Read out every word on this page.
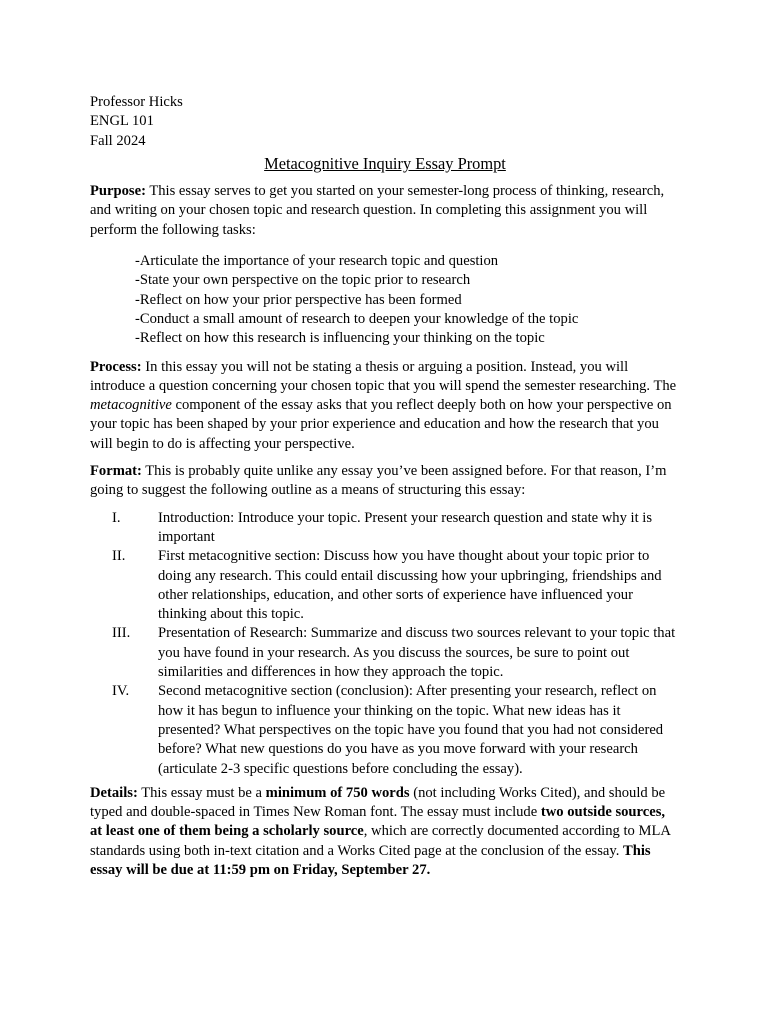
Professor Hicks
ENGL 101
Fall 2024
Metacognitive Inquiry Essay Prompt

Purpose: This essay serves to get you started on your semester-long process of thinking, research, and writing on your chosen topic and research question. In completing this assignment you will perform the following tasks:

-Articulate the importance of your research topic and question
-State your own perspective on the topic prior to research
-Reflect on how your prior perspective has been formed
-Conduct a small amount of research to deepen your knowledge of the topic
-Reflect on how this research is influencing your thinking on the topic

Process: In this essay you will not be stating a thesis or arguing a position. Instead, you will introduce a question concerning your chosen topic that you will spend the semester researching. The metacognitive component of the essay asks that you reflect deeply both on how your perspective on your topic has been shaped by your prior experience and education and how the research that you will begin to do is affecting your perspective.

Format: This is probably quite unlike any essay you’ve been assigned before. For that reason, I’m going to suggest the following outline as a means of structuring this essay:

I.	Introduction: Introduce your topic. Present your research question and state why it is important
II.	First metacognitive section: Discuss how you have thought about your topic prior to doing any research. This could entail discussing how your upbringing, friendships and other relationships, education, and other sorts of experience have influenced your thinking about this topic.
III.	Presentation of Research: Summarize and discuss two sources relevant to your topic that you have found in your research. As you discuss the sources, be sure to point out similarities and differences in how they approach the topic.
IV.	Second metacognitive section (conclusion): After presenting your research, reflect on how it has begun to influence your thinking on the topic. What new ideas has it presented? What perspectives on the topic have you found that you had not considered before? What new questions do you have as you move forward with your research (articulate 2-3 specific questions before concluding the essay).

Details: This essay must be a minimum of 750 words (not including Works Cited), and should be typed and double-spaced in Times New Roman font. The essay must include two outside sources, at least one of them being a scholarly source, which are correctly documented according to MLA standards using both in-text citation and a Works Cited page at the conclusion of the essay. This essay will be due at 11:59 pm on Friday, September 27.
